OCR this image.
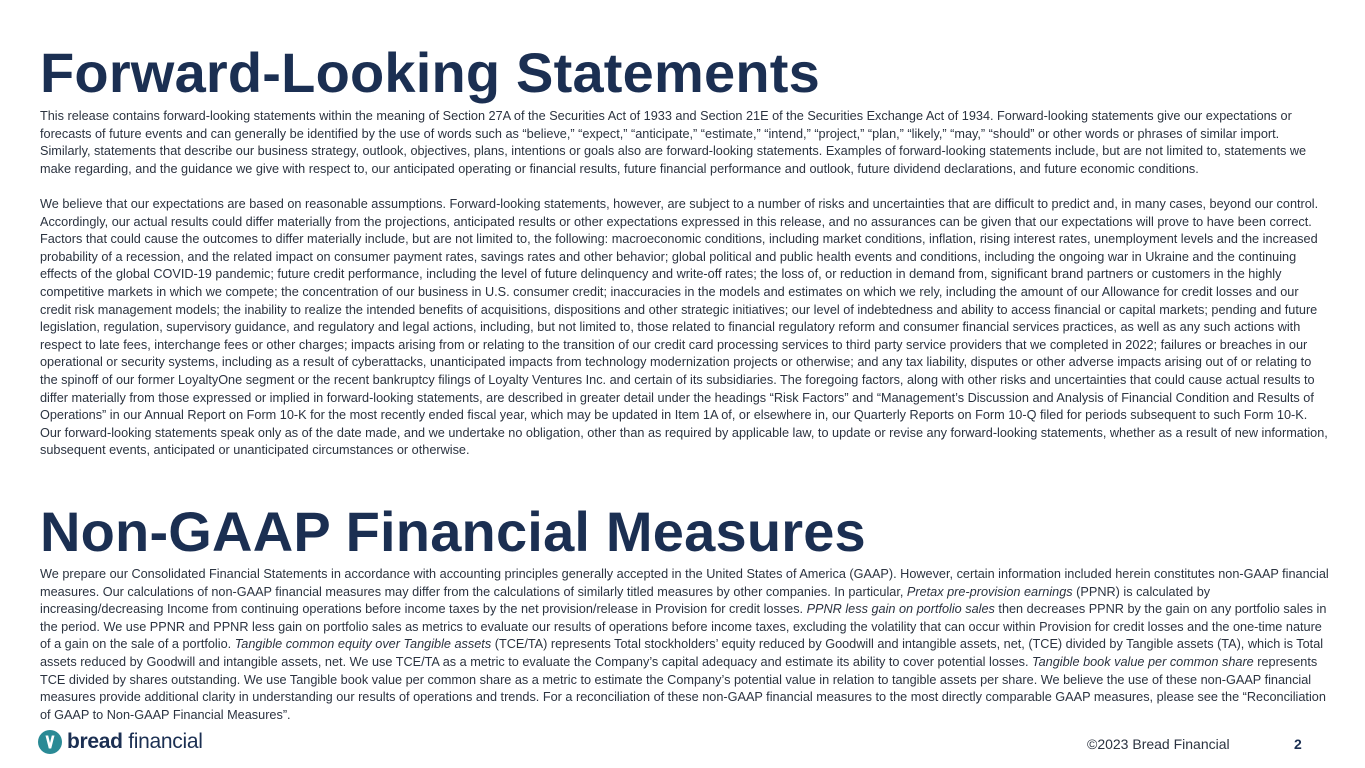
Forward-Looking Statements

This release contains forward-looking statements within the meaning of Section 27A of the Securities Act of 1933 and Section 21E of the Securities Exchange Act of 1934. Forward-looking statements give our expectations or forecasts of future events and can generally be identified by the use of words such as “believe,” “expect,” “anticipate,” “estimate,” “intend,” “project,” “plan,” “likely,” “may,” “should” or other words or phrases of similar import. Similarly, statements that describe our business strategy, outlook, objectives, plans, intentions or goals also are forward-looking statements. Examples of forward-looking statements include, but are not limited to, statements we make regarding, and the guidance we give with respect to, our anticipated operating or financial results, future financial performance and outlook, future dividend declarations, and future economic conditions.

We believe that our expectations are based on reasonable assumptions. Forward-looking statements, however, are subject to a number of risks and uncertainties that are difficult to predict and, in many cases, beyond our control. Accordingly, our actual results could differ materially from the projections, anticipated results or other expectations expressed in this release, and no assurances can be given that our expectations will prove to have been correct. Factors that could cause the outcomes to differ materially include, but are not limited to, the following: macroeconomic conditions, including market conditions, inflation, rising interest rates, unemployment levels and the increased probability of a recession, and the related impact on consumer payment rates, savings rates and other behavior; global political and public health events and conditions, including the ongoing war in Ukraine and the continuing effects of the global COVID-19 pandemic; future credit performance, including the level of future delinquency and write-off rates; the loss of, or reduction in demand from, significant brand partners or customers in the highly competitive markets in which we compete; the concentration of our business in U.S. consumer credit; inaccuracies in the models and estimates on which we rely, including the amount of our Allowance for credit losses and our credit risk management models; the inability to realize the intended benefits of acquisitions, dispositions and other strategic initiatives; our level of indebtedness and ability to access financial or capital markets; pending and future legislation, regulation, supervisory guidance, and regulatory and legal actions, including, but not limited to, those related to financial regulatory reform and consumer financial services practices, as well as any such actions with respect to late fees, interchange fees or other charges; impacts arising from or relating to the transition of our credit card processing services to third party service providers that we completed in 2022; failures or breaches in our operational or security systems, including as a result of cyberattacks, unanticipated impacts from technology modernization projects or otherwise; and any tax liability, disputes or other adverse impacts arising out of or relating to the spinoff of our former LoyaltyOne segment or the recent bankruptcy filings of Loyalty Ventures Inc. and certain of its subsidiaries. The foregoing factors, along with other risks and uncertainties that could cause actual results to differ materially from those expressed or implied in forward-looking statements, are described in greater detail under the headings “Risk Factors” and “Management’s Discussion and Analysis of Financial Condition and Results of Operations” in our Annual Report on Form 10-K for the most recently ended fiscal year, which may be updated in Item 1A of, or elsewhere in, our Quarterly Reports on Form 10-Q filed for periods subsequent to such Form 10-K. Our forward-looking statements speak only as of the date made, and we undertake no obligation, other than as required by applicable law, to update or revise any forward-looking statements, whether as a result of new information, subsequent events, anticipated or unanticipated circumstances or otherwise.

Non-GAAP Financial Measures

We prepare our Consolidated Financial Statements in accordance with accounting principles generally accepted in the United States of America (GAAP). However, certain information included herein constitutes non-GAAP financial measures. Our calculations of non-GAAP financial measures may differ from the calculations of similarly titled measures by other companies. In particular, Pretax pre-provision earnings (PPNR) is calculated by increasing/decreasing Income from continuing operations before income taxes by the net provision/release in Provision for credit losses. PPNR less gain on portfolio sales then decreases PPNR by the gain on any portfolio sales in the period. We use PPNR and PPNR less gain on portfolio sales as metrics to evaluate our results of operations before income taxes, excluding the volatility that can occur within Provision for credit losses and the one-time nature of a gain on the sale of a portfolio. Tangible common equity over Tangible assets (TCE/TA) represents Total stockholders’ equity reduced by Goodwill and intangible assets, net, (TCE) divided by Tangible assets (TA), which is Total assets reduced by Goodwill and intangible assets, net. We use TCE/TA as a metric to evaluate the Company’s capital adequacy and estimate its ability to cover potential losses. Tangible book value per common share represents TCE divided by shares outstanding. We use Tangible book value per common share as a metric to estimate the Company’s potential value in relation to tangible assets per share. We believe the use of these non-GAAP financial measures provide additional clarity in understanding our results of operations and trends. For a reconciliation of these non-GAAP financial measures to the most directly comparable GAAP measures, please see the “Reconciliation of GAAP to Non-GAAP Financial Measures”.

bread financial	©2023 Bread Financial	2
